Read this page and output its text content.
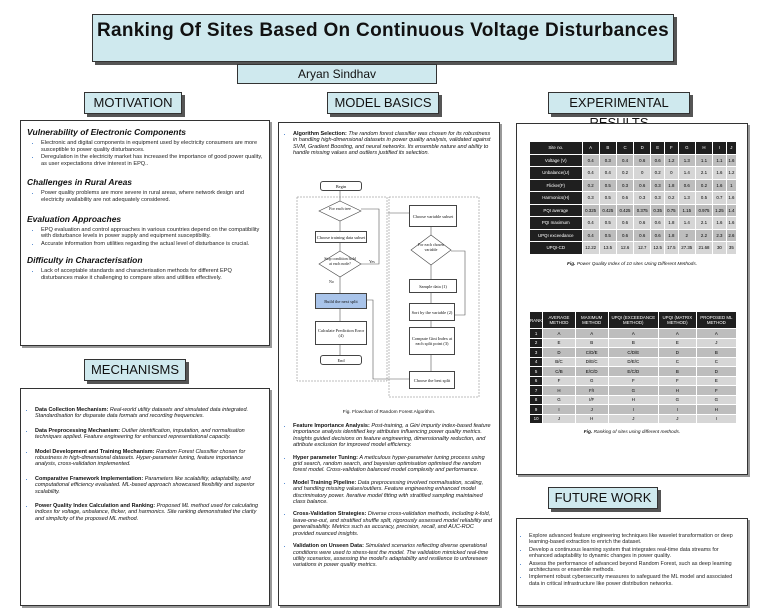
Ranking Of Sites Based On Continuous Voltage Disturbances
Aryan Sindhav
MOTIVATION
Vulnerability of Electronic Components
• Electronic and digital components in equipment used by electricity consumers are more susceptible to power quality disturbances.
• Deregulation in the electricity market has increased the importance of good power quality, as user expectations drive interest in EPQ..
Challenges in Rural Areas
• Power quality problems are more severe in rural areas, where network design and electricity availability are not adequately considered.
Evaluation Approaches
• EPQ evaluation and control approaches in various countries depend on the compatibility with disturbance levels in power supply and equipment susceptibility.
• Accurate information from utilities regarding the actual level of disturbance is crucial.
Difficulty in Characterisation
• Lack of acceptable standards and characterisation methods for different EPQ disturbances make it challenging to compare sites and utilities effectively.
MECHANISMS
• Data Collection Mechanism: Real-world utility datasets and simulated data integrated. Standardisation for disparate data formats and recording frequencies.
• Data Preprocessing Mechanism: Outlier identification, imputation, and normalisation techniques applied. Feature engineering for enhanced representational capacity.
• Model Development and Training Mechanism: Random Forest Classifier chosen for robustness in high-dimensional datasets. Hyper-parameter tuning, feature importance analysis, cross-validation implemented.
• Comparative Framework Implementation: Parameters like scalability, adaptability, and computational efficiency evaluated. ML-based approach showcased flexibility and superior scalability.
• Power Quality Index Calculation and Ranking: Proposed ML method used for calculating indices for voltage, unbalance, flicker, and harmonics. Site ranking demonstrated the clarity and simplicity of the proposed ML method.
MODEL BASICS
• Algorithm Selection: The random forest classifier was chosen for its robustness in handling high-dimensional datasets in power quality analysis, validated against SVM, Gradient Boosting, and neural networks. Its ensemble nature and ability to handle missing values and outliers justified its selection.
Begin
For each tree
Choose training data subset
Stop condition hold at each node?	Yes
No
Build the next split
Calculate Prediction Error (4)
End
Choose variable subset
For each chosen variable
Sample data (1)
Sort by the variable (2)
Compute Gini Index at each split point (3)
Choose the best split
Fig. Flowchart of Random Forest Algorithm.
• Feature Importance Analysis: Post-training, a Gini impurity index-based feature importance analysis identified key attributes influencing power quality metrics. Insights guided decisions on feature engineering, dimensionality reduction, and attribute exclusion for improved model efficiency.
• Hyper parameter Tuning: A meticulous hyper-parameter tuning process using grid search, random search, and bayesian optimisation optimised the random forest model. Cross-validation balanced model complexity and performance.
• Model Training Pipeline: Data preprocessing involved normalisation, scaling, and handling missing values/outliers. Feature engineering enhanced model discriminatory power. Iterative model fitting with stratified sampling maintained class balance.
• Cross-Validation Strategies: Diverse cross-validation methods, including k-fold, leave-one-out, and stratified shuffle split, rigorously assessed model reliability and generalisability. Metrics such as accuracy, precision, recall, and AUC-ROC provided nuanced insights.
• Validation on Unseen Data: Simulated scenarios reflecting diverse operational conditions were used to stress-test the model. The validation mimicked real-time utility scenarios, assessing the model's adaptability and resilience to unforeseen variations in power quality metrics.
EXPERIMENTAL
Site no.	A	B	C	D	E	F	G	H	I	J
Voltage (V)	0.4	0.3	0.4	0.6	0.6	1.2	1.3	1.1	1.1	1.6
Unbalance(U)	0.4	0.4	0.2	0	0.2	0	1.4	2.1	1.6	1.2
Flicker(F)	0.2	0.5	0.3	0.6	0.3	1.8	0.6	0.2	1.6	1
Harmonics(H)	0.3	0.5	0.6	0.3	0.3	0.2	1.3	0.5	0.7	1.6
PQI average	0.325	0.425	0.425	0.375	0.35	0.75	1.15	0.975	1.25	1.4
PQI maximum	0.4	0.5	0.6	0.6	0.6	1.8	1.4	2.1	1.6	1.6
UPQI exceedance	0.4	0.5	0.6	0.6	0.6	1.8	2	2.2	2.3	2.6
UPQI-CD	12.22	13.5	12.6	12.7	12.5	17.5	27.35	21.68	30	35
Fig. Power Quality Index of 10 sites Using Different Methods.
RANK	AVERAGE METHOD	MAXIMUM METHOD	UPQI (EXCEEDANCE METHOD)	UPQI (MATRIX METHOD)	PROPOSED ML METHOD
1	A	A	A	A	A
2	E	B	B	E	J
3	D	C/D/E	C/D/E	D	B
4	B/C	D/E/C	D/E/C	C	C
5	C/B	E/C/D	E/C/D	B	D
6	F	G	F	F	E
7	H	F/I	G	H	F
8	G	I/F	H	G	G
9	I	J	I	I	H
10	J	H	J	J	I
Fig. Ranking of sites using different methods.
FUTURE WORK
• Explore advanced feature engineering techniques like wavelet transformation or deep learning-based extraction to enrich the dataset.
• Develop a continuous learning system that integrates real-time data streams for enhanced adaptability to dynamic changes in power quality.
• Assess the performance of advanced beyond Random Forest, such as deep learning architectures or ensemble methods.
• Implement robust cybersecurity measures to safeguard the ML model and associated data in critical infrastructure like power distribution networks.
